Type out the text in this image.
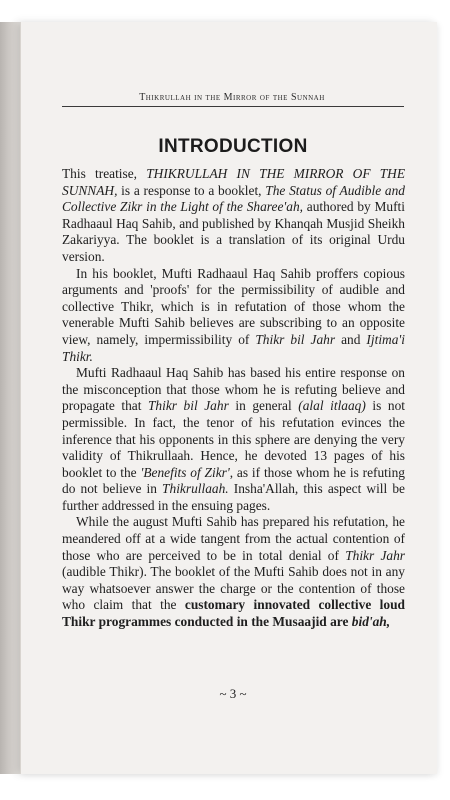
Thikrullah in the Mirror of the Sunnah
INTRODUCTION

This treatise, THIKRULLAH IN THE MIRROR OF THE SUNNAH, is a response to a booklet, The Status of Audible and Collective Zikr in the Light of the Sharee'ah, authored by Mufti Radhaaul Haq Sahib, and published by Khanqah Musjid Sheikh Zakariyya. The booklet is a translation of its original Urdu version.

In his booklet, Mufti Radhaaul Haq Sahib proffers copious arguments and 'proofs' for the permissibility of audible and collective Thikr, which is in refutation of those whom the venerable Mufti Sahib believes are subscribing to an opposite view, namely, impermissibility of Thikr bil Jahr and Ijtima'i Thikr.

Mufti Radhaaul Haq Sahib has based his entire response on the misconception that those whom he is refuting believe and propagate that Thikr bil Jahr in general (alal itlaaq) is not permissible. In fact, the tenor of his refutation evinces the inference that his opponents in this sphere are denying the very validity of Thikrullaah. Hence, he devoted 13 pages of his booklet to the 'Benefits of Zikr', as if those whom he is refuting do not believe in Thikrullaah. Insha'Allah, this aspect will be further addressed in the ensuing pages.

While the august Mufti Sahib has prepared his refutation, he meandered off at a wide tangent from the actual contention of those who are perceived to be in total denial of Thikr Jahr (audible Thikr). The booklet of the Mufti Sahib does not in any way whatsoever answer the charge or the contention of those who claim that the customary innovated collective loud Thikr programmes conducted in the Musaajid are bid'ah,

~ 3 ~
